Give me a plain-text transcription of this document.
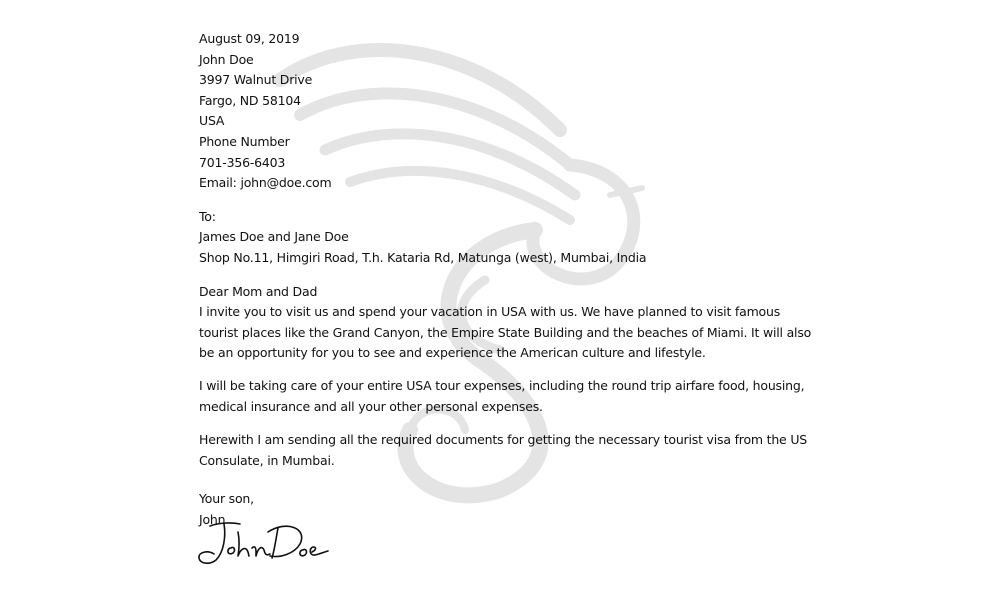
August 09, 2019
John Doe
3997 Walnut Drive
Fargo, ND 58104
USA
Phone Number
701-356-6403
Email: john@doe.com
To:
James Doe and Jane Doe
Shop No.11, Himgiri Road, T.h. Kataria Rd, Matunga (west), Mumbai, India
Dear Mom and Dad

I invite you to visit us and spend your vacation in USA with us. We have planned to visit famous tourist places like the Grand Canyon, the Empire State Building and the beaches of Miami. It will also be an opportunity for you to see and experience the American culture and lifestyle.

I will be taking care of your entire USA tour expenses, including the round trip airfare food, housing, medical insurance and all your other personal expenses.

Herewith I am sending all the required documents for getting the necessary tourist visa from the US Consulate, in Mumbai.

Your son,
John
